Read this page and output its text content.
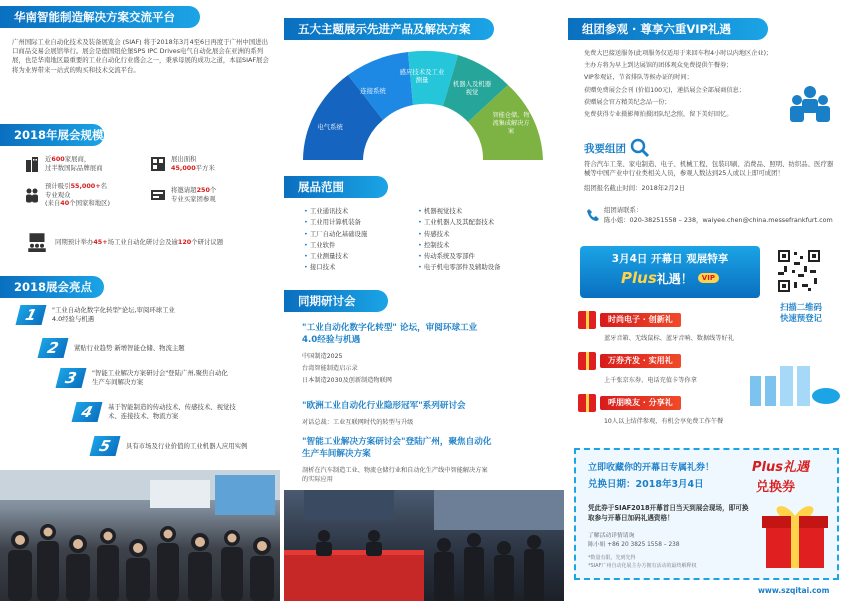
华南智能制造解决方案交流平台
广州国际工业自动化技术及装备展览会 (SIAF) 将于2018年3月4至6日再度于广州中国进出口商品交易会展馆举行。展会是德国纽伦堡SPS IPC Drives电气自动化展会在亚洲的系列展，也是华南地区最重要的工业自动化行业盛会之一，秉承母展的成功之道，本届SIAF展会将为业界带来一站式的购买和技术交流平台。
2018年展会规模
近600家展商，
过半数国际品牌展商
展出面积
45,000平方米
预计吸引55,000+名
专业观众
(来自40个国家和地区)
将邀请超250个
专业买家团参观
同期预计举办45+场工业自动化研讨会及逾120个研讨议题
2018展会亮点
1	"工业自动化数字化转型"论坛,审阅环球工业4.0经验与机遇
2	紧贴行业趋势 新增智能仓储、物流主题
3	"智能工业解决方案研讨会"登陆广州,聚焦自动化生产车间解决方案
4	基于智能制造的传动技术、传感技术、视觉技术、连接技术、物流方案
5	具有市场及行业价值的工业机器人应用实例
五大主题展示先进产品及解决方案
电气系统
连接系统
感应技术及工业测量	机器人及机器视觉
智能仓储、物流集成解决方案
展品范围
• 工业通讯技术
• 工业用计算机装备
• 工厂自动化基础设施
• 工业软件
• 工业测量技术
• 接口技术
• 机器视觉技术
• 工业机器人及其配套技术
• 传感技术
• 控制技术
• 传动系统及零部件
• 电子机电零部件及辅助设备
同期研讨会
"工业自动化数字化转型" 论坛，审阅环球工业
4.0经验与机遇
中国制造2025
台湾智能制造启示录
日本制造2030及创新制造物联网
"欧洲工业自动化行业隐形冠军"系列研讨会
对话总裁：工业互联网时代的转型与升级
"智能工业解决方案研讨会"登陆广州，聚焦自动化
生产车间解决方案
剖析在汽车制造工业、物流仓储行业和自动化生产线中智能解决方案
的实际应用
组团参观 · 尊享六重VIP礼遇
免费大巴接送服务(此项服务仅适用于来回车程4小时以内地区企业)；
主办方将为早上到达展馆的团体观众免费提供午餐券；
VIP参观证，节省排队等候办证的时间；
获赠免费展会会刊 (价值100元)，递括展会全部展商信息；
获赠展会官方精美纪念品一份；
免费获得专业摄影师拍摄团队纪念照，留下美好回忆。
我要组团
符合汽车工業、家电制造、电子、机械工程、包裝印刷、消费品、照明、纺织品、医疗器械等中国产业中行业类相关人员，参观人数达到25人或以上即可成团！
组团报名截止时间：2018年2月2日
组团请联系：
陈小姐：020-38251558 – 238，waiyee.chen@china.messefrankfurt.com
3月4日 开幕日 观展特享
Plus 礼遇！	VIP
扫描二维码
快速预登记
时尚电子 · 创新礼
蓝牙音箱、无线鼠标、蓝牙音响、数据线等好礼
万券齐发 · 实用礼
上千张京东券、电话充值卡等你拿
呼朋唤友 · 分享礼
10人以上结伴参观，有机会享免费工作午餐
立即收藏你的开幕日专属礼券！
兑换日期：2018年3月4日
Plus礼遇
兑换券
凭此券于SIAF2018开幕首日当天到展会现场，即可换取参与开幕日加码礼遇资格！
了解活动详情请询
陈小姐 +86 20 3825 1558 – 238
*数量有限，先到先得
*SIAF广州自动化展主办方拥有活动的最终解释权
www.szqitai.com
